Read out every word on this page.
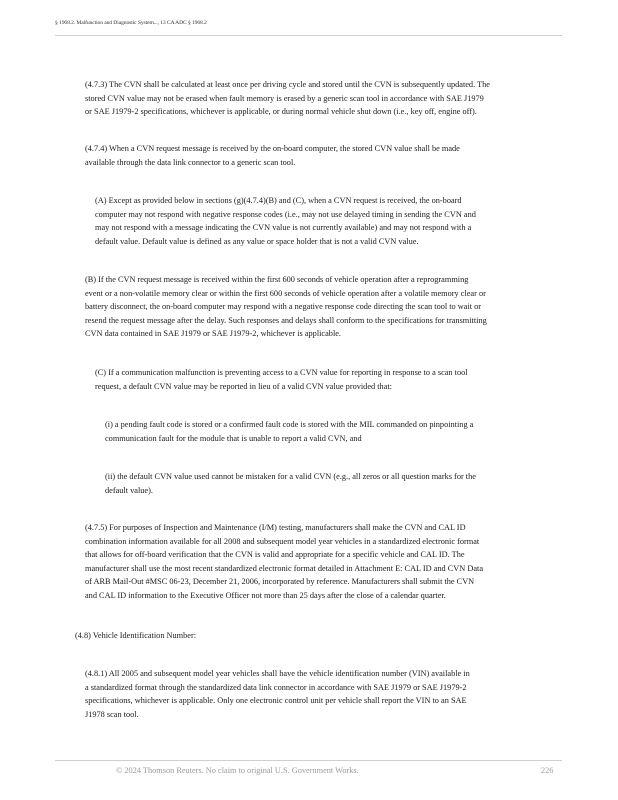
§ 1968.2. Malfunction and Diagnostic System..., 13 CA ADC § 1968.2
(4.7.3) The CVN shall be calculated at least once per driving cycle and stored until the CVN is subsequently updated. The
stored CVN value may not be erased when fault memory is erased by a generic scan tool in accordance with SAE J1979
or SAE J1979-2 specifications, whichever is applicable, or during normal vehicle shut down (i.e., key off, engine off).
(4.7.4) When a CVN request message is received by the on-board computer, the stored CVN value shall be made
available through the data link connector to a generic scan tool.
(A) Except as provided below in sections (g)(4.7.4)(B) and (C), when a CVN request is received, the on-board
computer may not respond with negative response codes (i.e., may not use delayed timing in sending the CVN and
may not respond with a message indicating the CVN value is not currently available) and may not respond with a
default value. Default value is defined as any value or space holder that is not a valid CVN value.
(B) If the CVN request message is received within the first 600 seconds of vehicle operation after a reprogramming
event or a non-volatile memory clear or within the first 600 seconds of vehicle operation after a volatile memory clear or
battery disconnect, the on-board computer may respond with a negative response code directing the scan tool to wait or
resend the request message after the delay. Such responses and delays shall conform to the specifications for transmitting
CVN data contained in SAE J1979 or SAE J1979-2, whichever is applicable.
(C) If a communication malfunction is preventing access to a CVN value for reporting in response to a scan tool
request, a default CVN value may be reported in lieu of a valid CVN value provided that:
(i) a pending fault code is stored or a confirmed fault code is stored with the MIL commanded on pinpointing a
communication fault for the module that is unable to report a valid CVN, and
(ii) the default CVN value used cannot be mistaken for a valid CVN (e.g., all zeros or all question marks for the
default value).
(4.7.5) For purposes of Inspection and Maintenance (I/M) testing, manufacturers shall make the CVN and CAL ID
combination information available for all 2008 and subsequent model year vehicles in a standardized electronic format
that allows for off-board verification that the CVN is valid and appropriate for a specific vehicle and CAL ID. The
manufacturer shall use the most recent standardized electronic format detailed in Attachment E: CAL ID and CVN Data
of ARB Mail-Out #MSC 06-23, December 21, 2006, incorporated by reference. Manufacturers shall submit the CVN
and CAL ID information to the Executive Officer not more than 25 days after the close of a calendar quarter.
(4.8) Vehicle Identification Number:
(4.8.1) All 2005 and subsequent model year vehicles shall have the vehicle identification number (VIN) available in
a standardized format through the standardized data link connector in accordance with SAE J1979 or SAE J1979-2
specifications, whichever is applicable. Only one electronic control unit per vehicle shall report the VIN to an SAE
J1978 scan tool.
© 2024 Thomson Reuters. No claim to original U.S. Government Works.	226
